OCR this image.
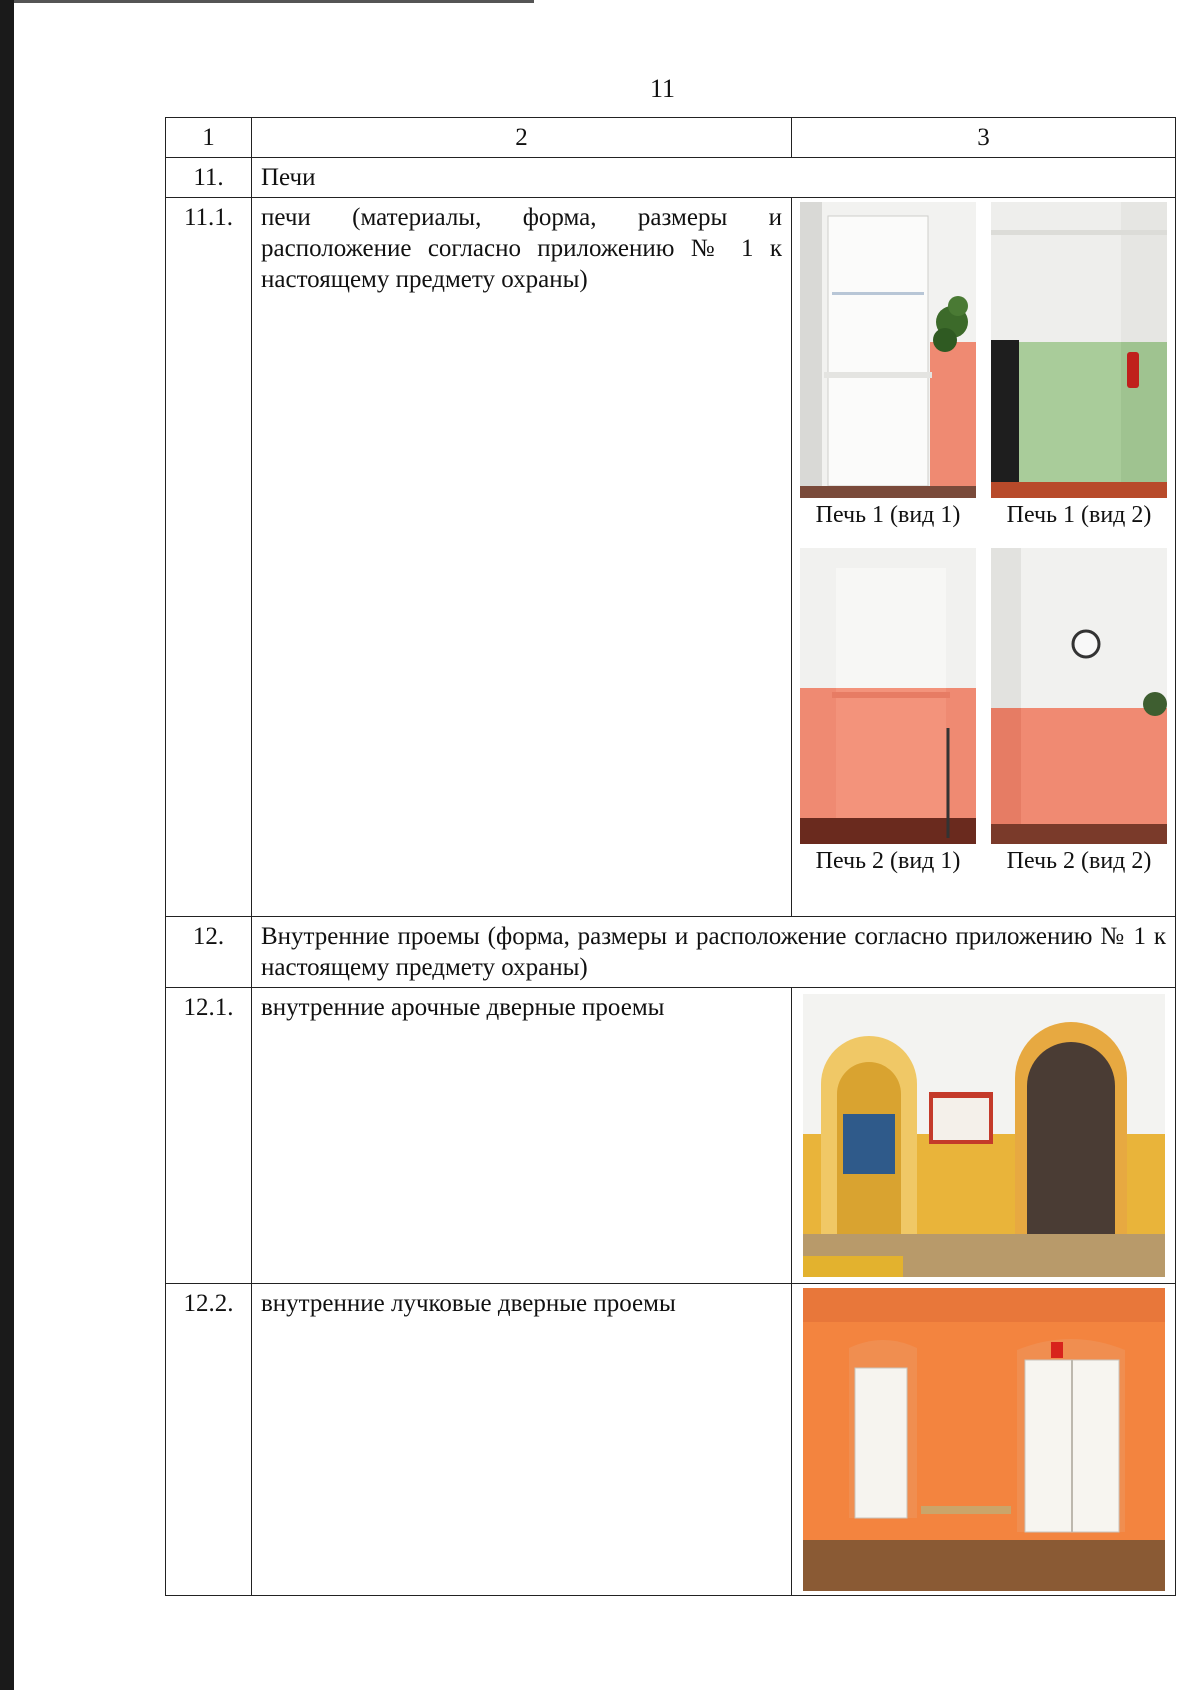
11
1	2	3
11.	Печи	
11.1.	печи (материалы, форма, размеры и расположение согласно приложению № 1 к настоящему предмету охраны)	Печь 1 (вид 1) Печь 1 (вид 2)
Печь 2 (вид 1) Печь 2 (вид 2)

12.	Внутренние проемы (форма, размеры и расположение согласно приложению № 1 к настоящему предмету охраны)	
12.1.	внутренние арочные дверные проемы	

12.2.	внутренние лучковые дверные проемы	
